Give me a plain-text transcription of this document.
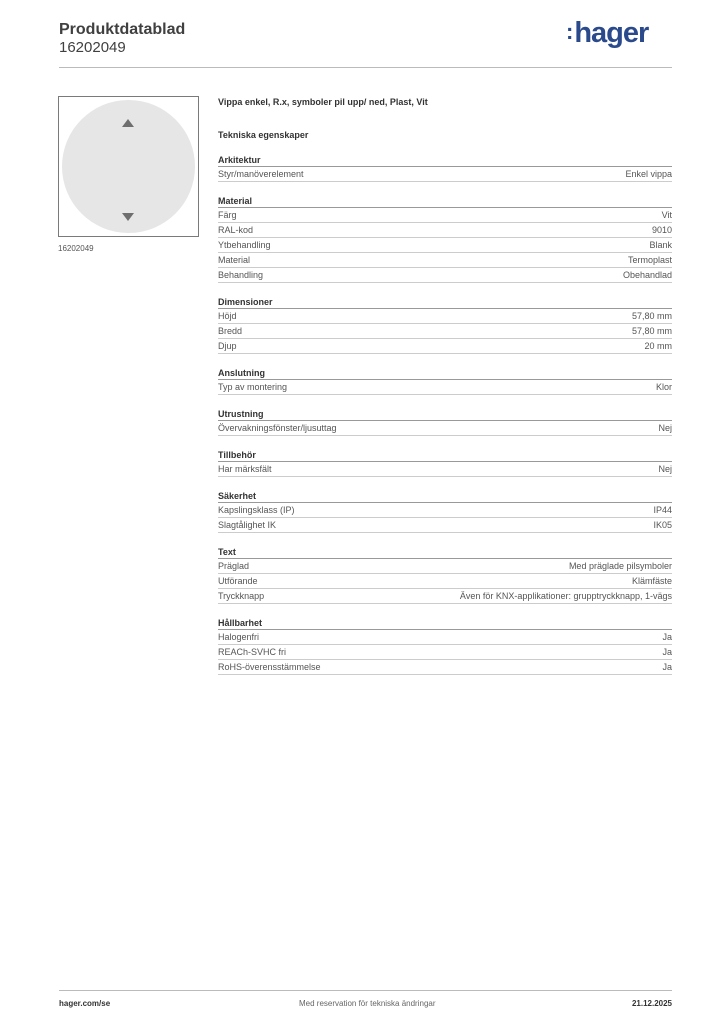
Produktdatablad
16202049
:hager
16202049
Vippa enkel, R.x, symboler pil upp/ ned, Plast, Vit
Tekniska egenskaper
Arkitektur
Styr/manöverelement	Enkel vippa
Material
Färg	Vit
RAL-kod	9010
Ytbehandling	Blank
Material	Termoplast
Behandling	Obehandlad
Dimensioner
Höjd	57,80 mm
Bredd	57,80 mm
Djup	20 mm
Anslutning
Typ av montering	Klor
Utrustning
Övervakningsfönster/ljusuttag	Nej
Tillbehör
Har märksfält	Nej
Säkerhet
Kapslingsklass (IP)	IP44
Slagtålighet IK	IK05
Text
Präglad	Med präglade pilsymboler
Utförande	Klämfäste
Tryckknapp	Även för KNX-applikationer: grupptryckknapp, 1-vägs
Hållbarhet
Halogenfri	Ja
REACh-SVHC fri	Ja
RoHS-överensstämmelse	Ja
hager.com/se	Med reservation för tekniska ändringar	21.12.2025
